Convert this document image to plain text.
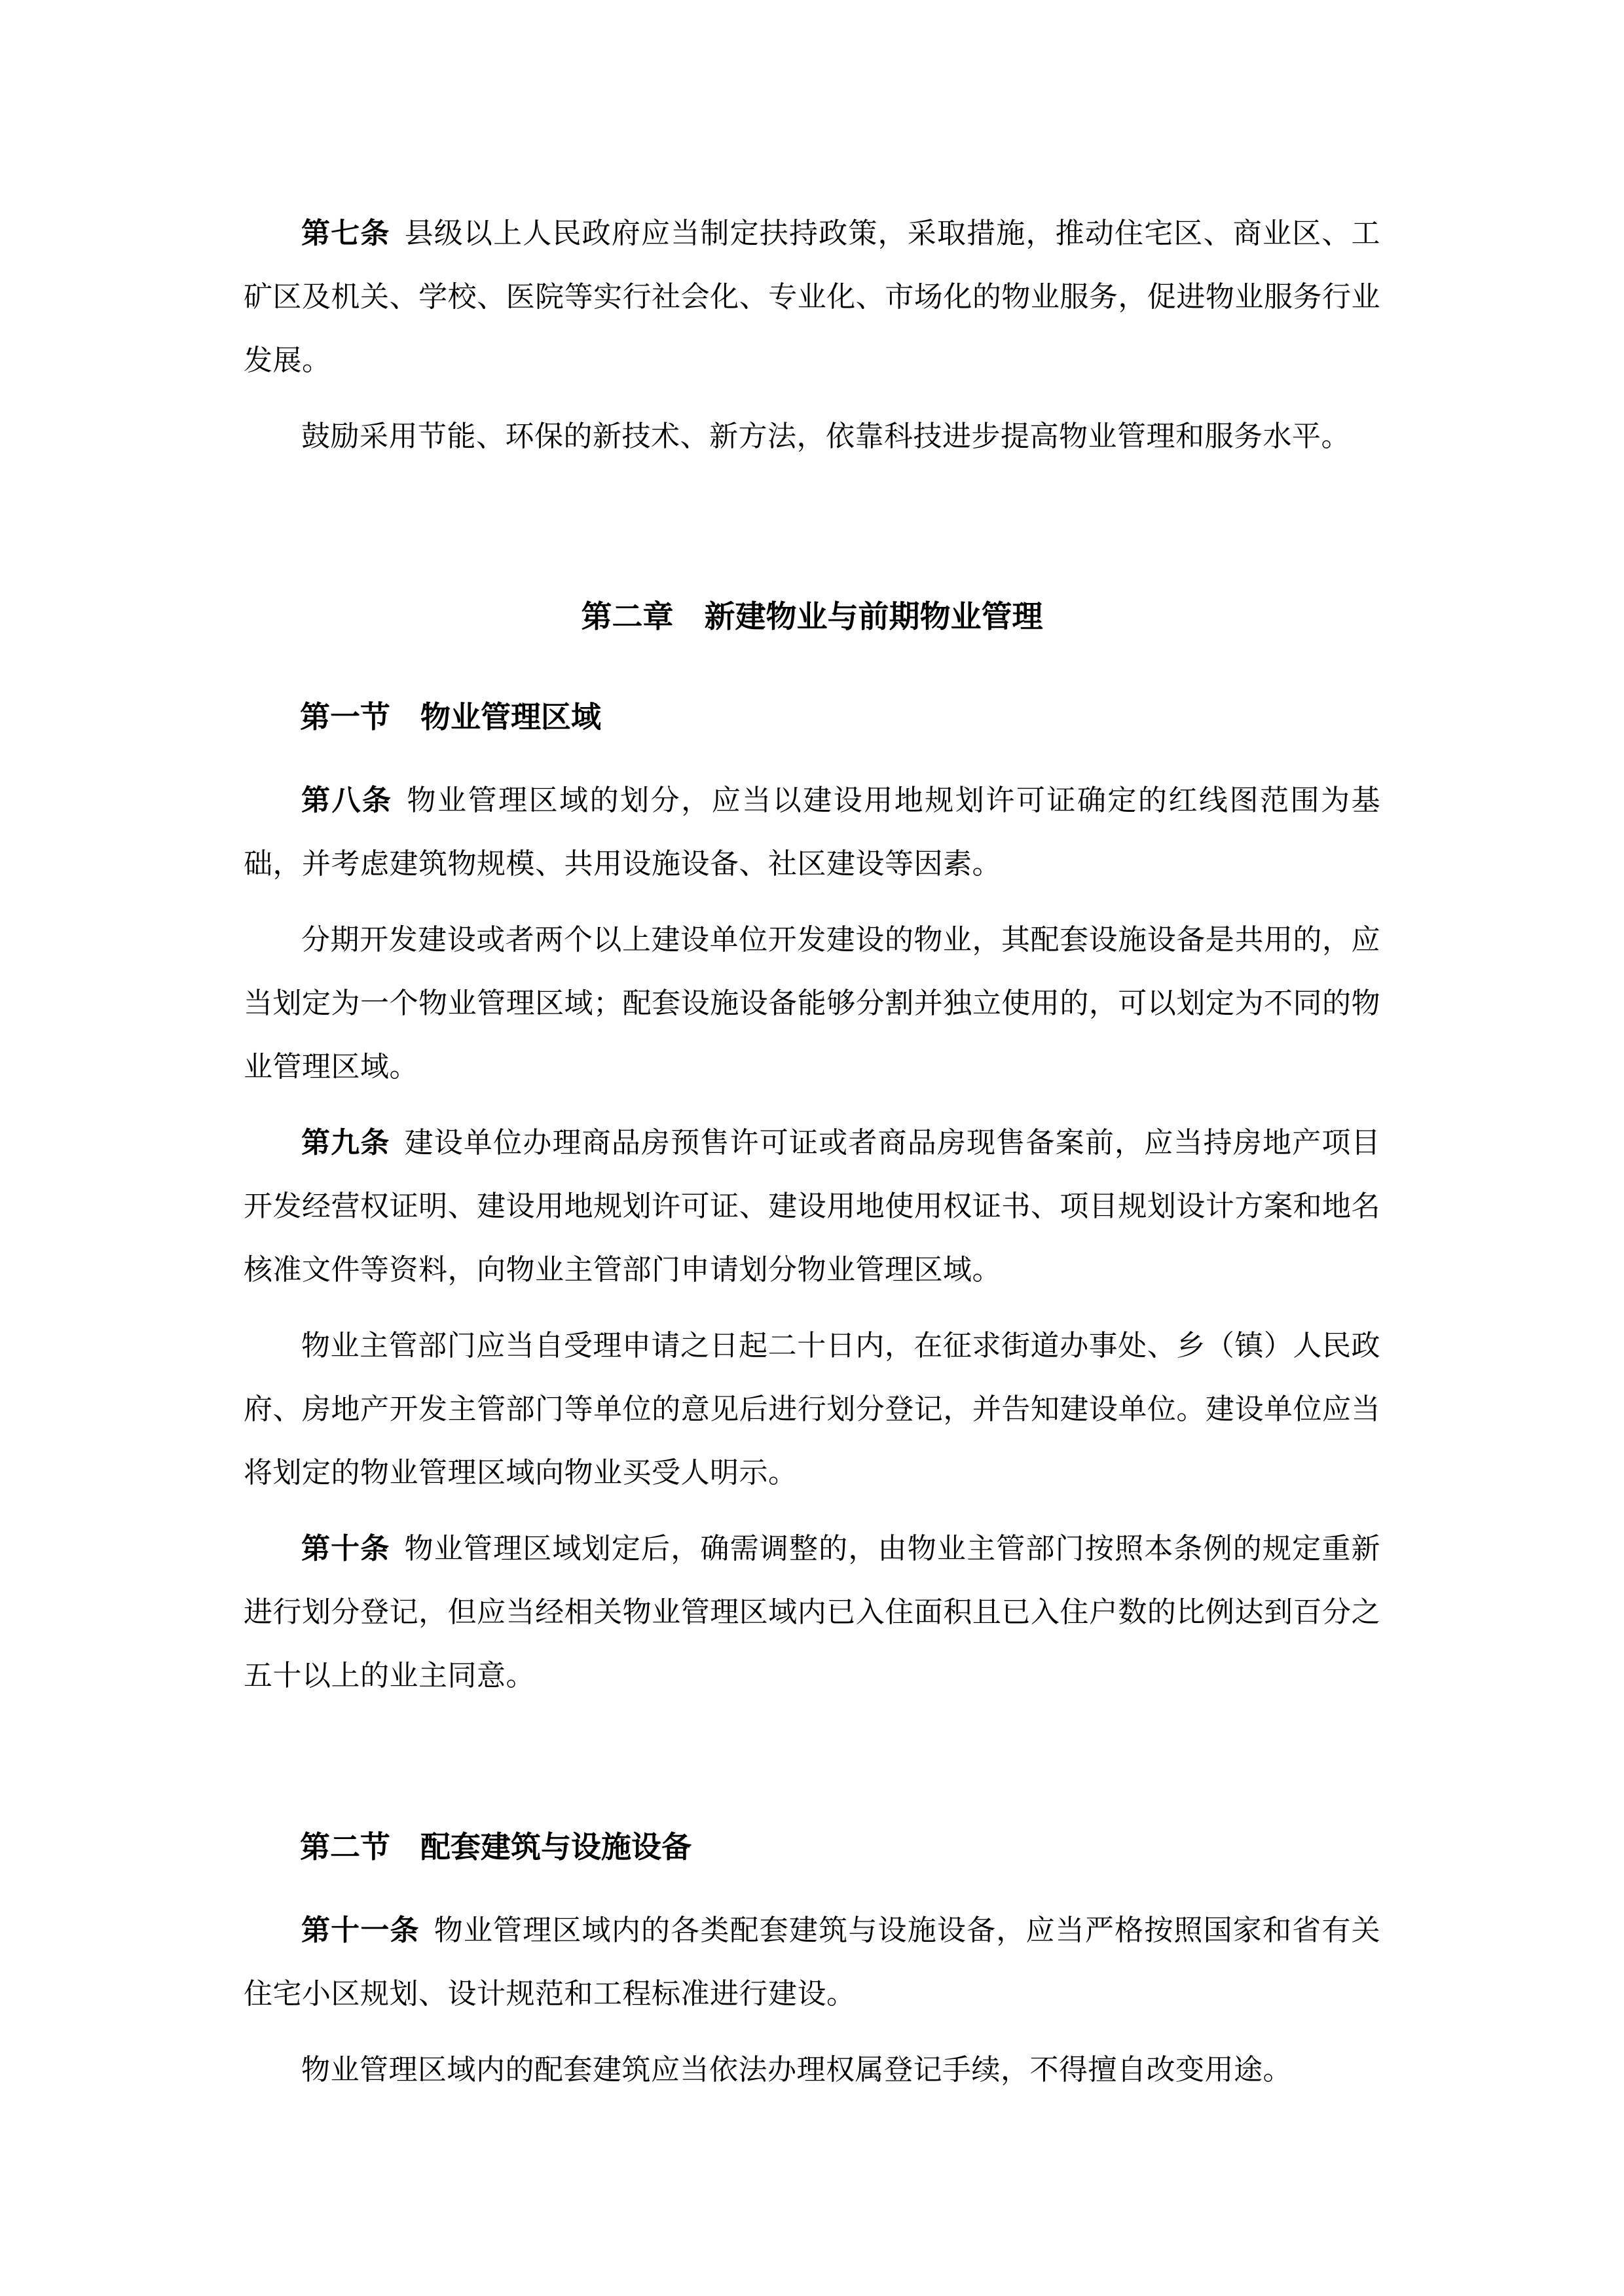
第七条 县级以上人民政府应当制定扶持政策，采取措施，推动住宅区、商业区、工矿区及机关、学校、医院等实行社会化、专业化、市场化的物业服务，促进物业服务行业发展。

鼓励采用节能、环保的新技术、新方法，依靠科技进步提高物业管理和服务水平。

第二章　新建物业与前期物业管理
第一节　物业管理区域

第八条 物业管理区域的划分，应当以建设用地规划许可证确定的红线图范围为基础，并考虑建筑物规模、共用设施设备、社区建设等因素。

分期开发建设或者两个以上建设单位开发建设的物业，其配套设施设备是共用的，应当划定为一个物业管理区域；配套设施设备能够分割并独立使用的，可以划定为不同的物业管理区域。

第九条 建设单位办理商品房预售许可证或者商品房现售备案前，应当持房地产项目开发经营权证明、建设用地规划许可证、建设用地使用权证书、项目规划设计方案和地名核准文件等资料，向物业主管部门申请划分物业管理区域。

物业主管部门应当自受理申请之日起二十日内，在征求街道办事处、乡（镇）人民政府、房地产开发主管部门等单位的意见后进行划分登记，并告知建设单位。建设单位应当将划定的物业管理区域向物业买受人明示。

第十条 物业管理区域划定后，确需调整的，由物业主管部门按照本条例的规定重新进行划分登记，但应当经相关物业管理区域内已入住面积且已入住户数的比例达到百分之五十以上的业主同意。

第二节　配套建筑与设施设备

第十一条 物业管理区域内的各类配套建筑与设施设备，应当严格按照国家和省有关住宅小区规划、设计规范和工程标准进行建设。

物业管理区域内的配套建筑应当依法办理权属登记手续，不得擅自改变用途。
